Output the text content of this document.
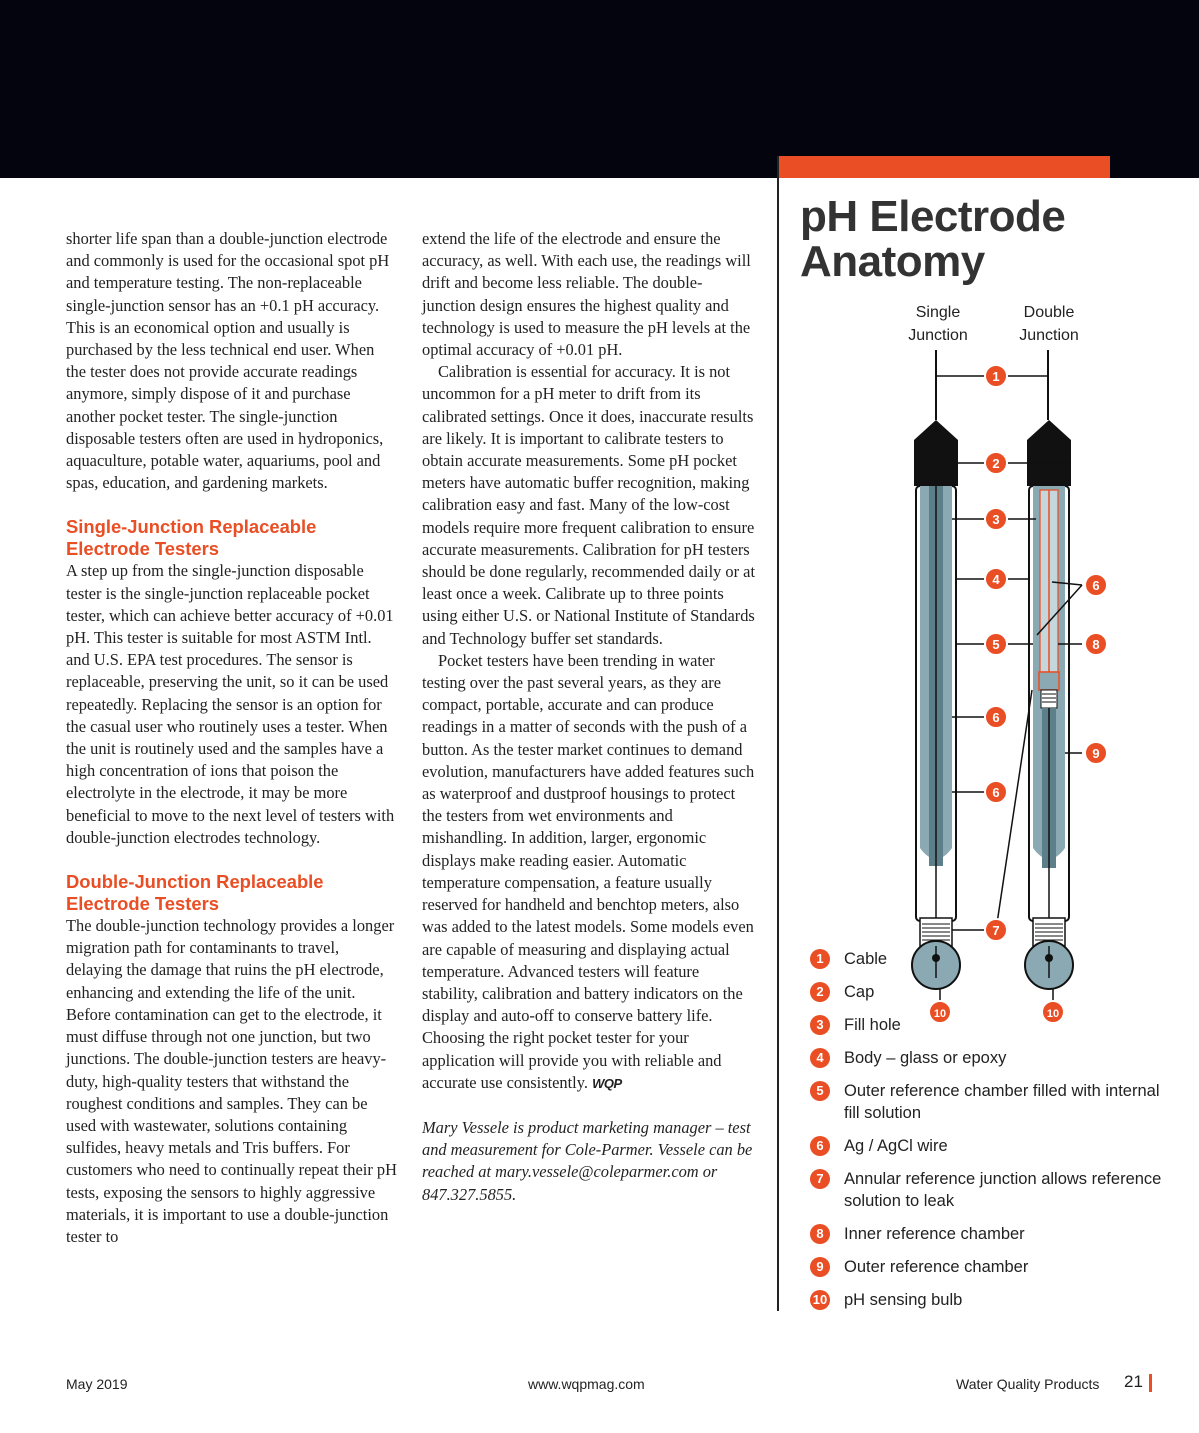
shorter life span than a double-junction electrode and commonly is used for the occasional spot pH and temperature testing. The non-replaceable single-junction sensor has an +0.1 pH accuracy. This is an economical option and usually is purchased by the less technical end user. When the tester does not provide accurate readings anymore, simply dispose of it and purchase another pocket tester. The single-junction disposable testers often are used in hydroponics, aquaculture, potable water, aquariums, pool and spas, education, and gardening markets.

Single-Junction Replaceable Electrode Testers

A step up from the single-junction disposable tester is the single-junction replaceable pocket tester, which can achieve better accuracy of +0.01 pH. This tester is suitable for most ASTM Intl. and U.S. EPA test procedures. The sensor is replaceable, preserving the unit, so it can be used repeatedly. Replacing the sensor is an option for the casual user who routinely uses a tester. When the unit is routinely used and the samples have a high concentration of ions that poison the electrolyte in the electrode, it may be more beneficial to move to the next level of testers with double-junction electrodes technology.

Double-Junction Replaceable Electrode Testers

The double-junction technology provides a longer migration path for contaminants to travel, delaying the damage that ruins the pH electrode, enhancing and extending the life of the unit. Before contamination can get to the electrode, it must diffuse through not one junction, but two junctions. The double-junction testers are heavy-duty, high-quality testers that withstand the roughest conditions and samples. They can be used with wastewater, solutions containing sulfides, heavy metals and Tris buffers. For customers who need to continually repeat their pH tests, exposing the sensors to highly aggressive materials, it is important to use a double-junction tester to

extend the life of the electrode and ensure the accuracy, as well. With each use, the readings will drift and become less reliable. The double-junction design ensures the highest quality and technology is used to measure the pH levels at the optimal accuracy of +0.01 pH.

Calibration is essential for accuracy. It is not uncommon for a pH meter to drift from its calibrated settings. Once it does, inaccurate results are likely. It is important to calibrate testers to obtain accurate measurements. Some pH pocket meters have automatic buffer recognition, making calibration easy and fast. Many of the low-cost models require more frequent calibration to ensure accurate measurements. Calibration for pH testers should be done regularly, recommended daily or at least once a week. Calibrate up to three points using either U.S. or National Institute of Standards and Technology buffer set standards.

Pocket testers have been trending in water testing over the past several years, as they are compact, portable, accurate and can produce readings in a matter of seconds with the push of a button. As the tester market continues to demand evolution, manufacturers have added features such as waterproof and dustproof housings to protect the testers from wet environments and mishandling. In addition, larger, ergonomic displays make reading easier. Automatic temperature compensation, a feature usually reserved for handheld and benchtop meters, also was added to the latest models. Some models even are capable of measuring and displaying actual temperature. Advanced testers will feature stability, calibration and battery indicators on the display and auto-off to conserve battery life. Choosing the right pocket tester for your application will provide you with reliable and accurate use consistently. WQP

Mary Vessele is product marketing manager – test and measurement for Cole-Parmer. Vessele can be reached at mary.vessele@coleparmer.com or 847.327.5855.

pH Electrode
Anatomy
Single
Junction
Double
Junction
1
2
3
4
5
6
8
6
9
6
7
10	10
1	Cable
2	Cap
3	Fill hole
4	Body – glass or epoxy
5	Outer reference chamber filled with internal fill solution
6	Ag / AgCl wire
7	Annular reference junction allows reference solution to leak
8	Inner reference chamber
9	Outer reference chamber
10 pH sensing bulb
May 2019	www.wqpmag.com	Water Quality Products 21
